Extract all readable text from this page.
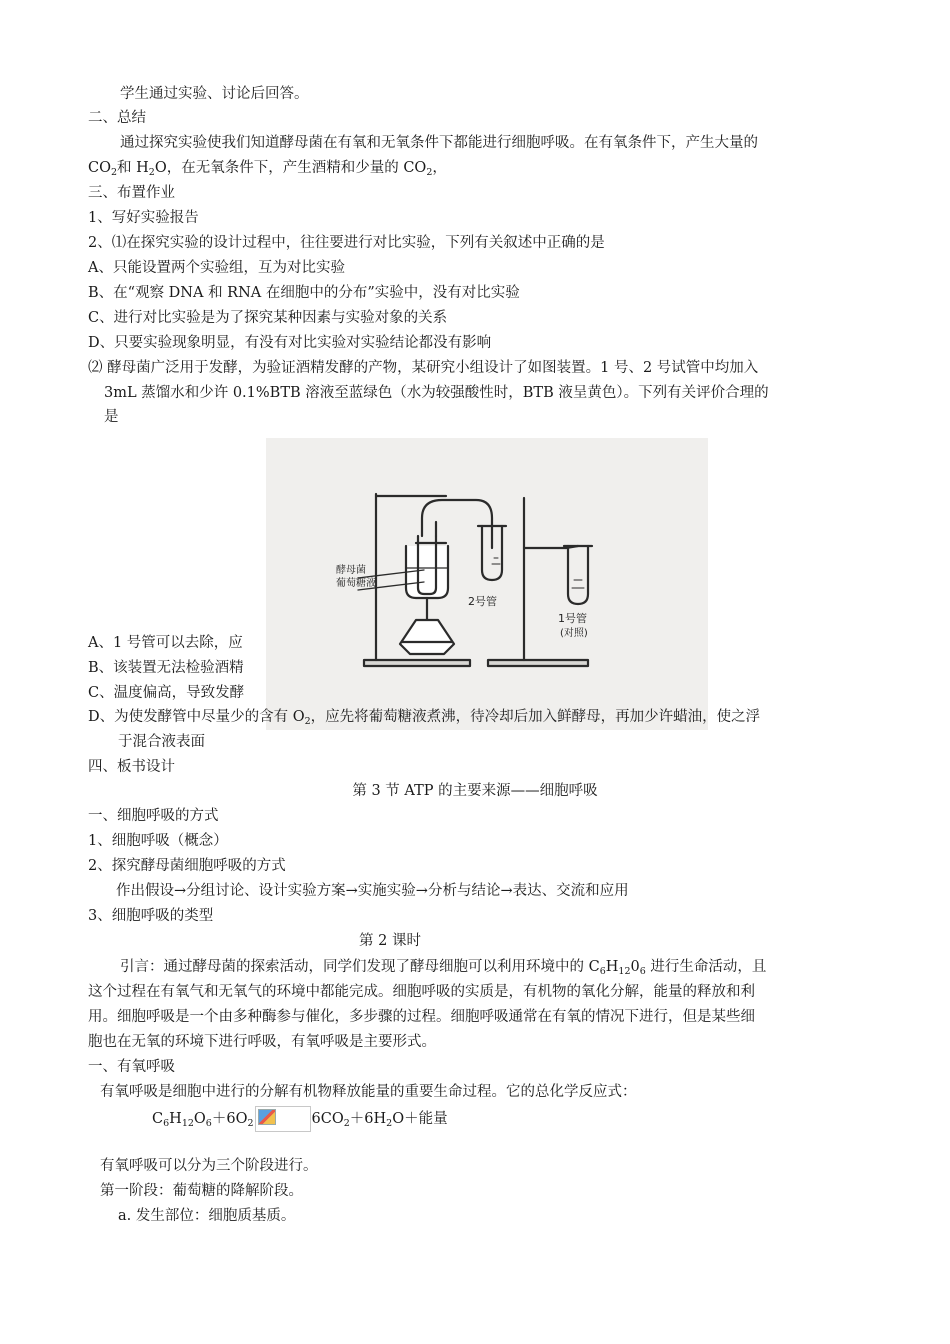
学生通过实验、讨论后回答。
二、总结
通过探究实验使我们知道酵母菌在有氧和无氧条件下都能进行细胞呼吸。在有氧条件下，产生大量的
$CO_2$和 $H_2O$，在无氧条件下，产生酒精和少量的 $CO_2$，
三、布置作业
1、写好实验报告
2、⑴在探究实验的设计过程中，往往要进行对比实验，下列有关叙述中正确的是
A、只能设置两个实验组，互为对比实验
B、在“观察 DNA 和 RNA 在细胞中的分布”实验中，没有对比实验
C、进行对比实验是为了探究某种因素与实验对象的关系
D、只要实验现象明显，有没有对比实验对实验结论都没有影响
⑵ 酵母菌广泛用于发酵，为验证酒精发酵的产物，某研究小组设计了如图装置。1 号、2 号试管中均加入
3mL 蒸馏水和少许 0.1%BTB 溶液至蓝绿色（水为较强酸性时，BTB 液呈黄色）。下列有关评价合理的
是
A、1 号管可以去除，应
B、该装置无法检验酒精
C、温度偏高，导致发酵
酵母菌
葡萄糖液
2号管
1号管
(对照)
D、为使发酵管中尽量少的含有 $O_2$，应先将葡萄糖液煮沸，待冷却后加入鲜酵母，再加少许蜡油，使之浮
于混合液表面
四、板书设计
第 3 节 ATP 的主要来源——细胞呼吸
一、细胞呼吸的方式
1、细胞呼吸（概念）
2、探究酵母菌细胞呼吸的方式
作出假设→分组讨论、设计实验方案→实施实验→分析与结论→表达、交流和应用
3、细胞呼吸的类型
第 2 课时
引言：通过酵母菌的探索活动，同学们发现了酵母细胞可以利用环境中的 $C_6H_{12}0_6$ 进行生命活动，且
这个过程在有氧气和无氧气的环境中都能完成。细胞呼吸的实质是，有机物的氧化分解，能量的释放和利
用。细胞呼吸是一个由多种酶参与催化，多步骤的过程。细胞呼吸通常在有氧的情况下进行，但是某些细
胞也在无氧的环境下进行呼吸，有氧呼吸是主要形式。
一、有氧呼吸
有氧呼吸是细胞中进行的分解有机物释放能量的重要生命过程。它的总化学反应式：
$C_6H_{12}O_6+6O_2$	$6CO_2+6H_2O+$能量
有氧呼吸可以分为三个阶段进行。
第一阶段：葡萄糖的降解阶段。
a. 发生部位：细胞质基质。
